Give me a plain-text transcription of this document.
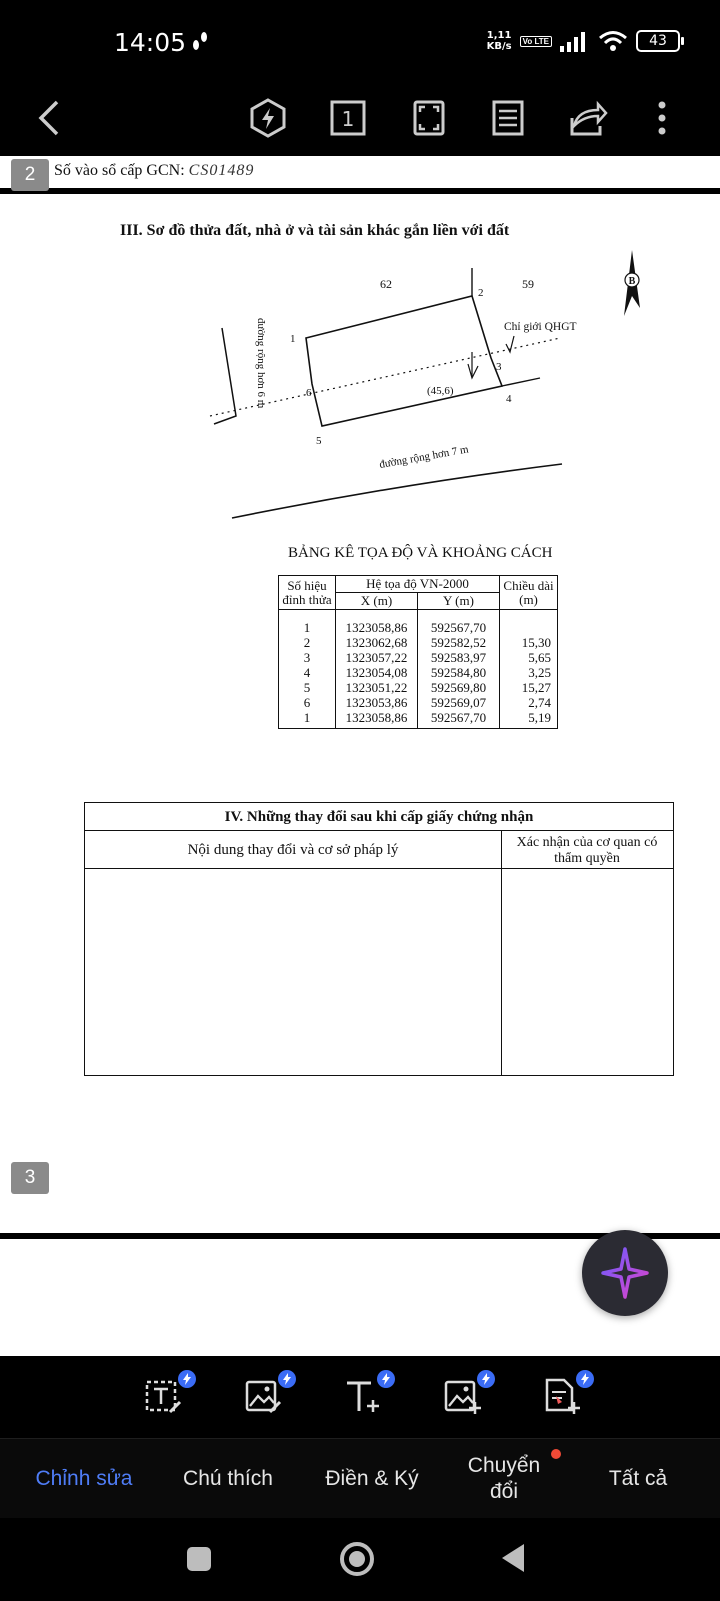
14:05	1,11
KB/s	Vo LTE	43
1
2	Số vào sổ cấp GCN: CS01489
III. Sơ đồ thửa đất, nhà ở và tài sản khác gắn liền với đất
B
62	59
Chỉ giới QHGT
(45,6)
đường rộng hơn 6 m
đường rộng hơn 7 m
1
2
3
4
5
6
BẢNG KÊ TỌA ĐỘ VÀ KHOẢNG CÁCH
Số hiệu đỉnh thửa	Hệ tọa độ VN-2000		Chiều dài (m)
	X (m)	Y (m)	
1	1323058,86	592567,70	
2	1323062,68	592582,52	15,30
3	1323057,22	592583,97	5,65
4	1323054,08	592584,80	3,25
5	1323051,22	592569,80	15,27
6	1323053,86	592569,07	2,74
1	1323058,86	592567,70	5,19
IV. Những thay đổi sau khi cấp giấy chứng nhận
Nội dung thay đổi và cơ sở pháp lý	Xác nhận của cơ quan có thẩm quyền
3
Chỉnh sửa	Chú thích	Điền & Ký
Chuyển
đổi
Tất cả
